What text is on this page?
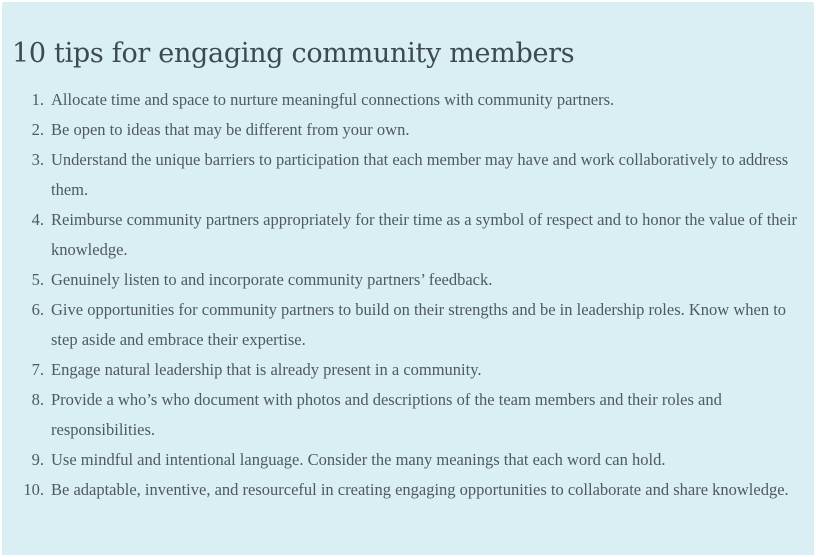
10 tips for engaging community members
1. Allocate time and space to nurture meaningful connections with community partners.
2. Be open to ideas that may be different from your own.
3. Understand the unique barriers to participation that each member may have and work collaboratively to address them.
4. Reimburse community partners appropriately for their time as a symbol of respect and to honor the value of their knowledge.
5. Genuinely listen to and incorporate community partners’ feedback.
6. Give opportunities for community partners to build on their strengths and be in leadership roles. Know when to step aside and embrace their expertise.
7. Engage natural leadership that is already present in a community.
8. Provide a who’s who document with photos and descriptions of the team members and their roles and responsibilities.
9. Use mindful and intentional language. Consider the many meanings that each word can hold.
10. Be adaptable, inventive, and resourceful in creating engaging opportunities to collaborate and share knowledge.
